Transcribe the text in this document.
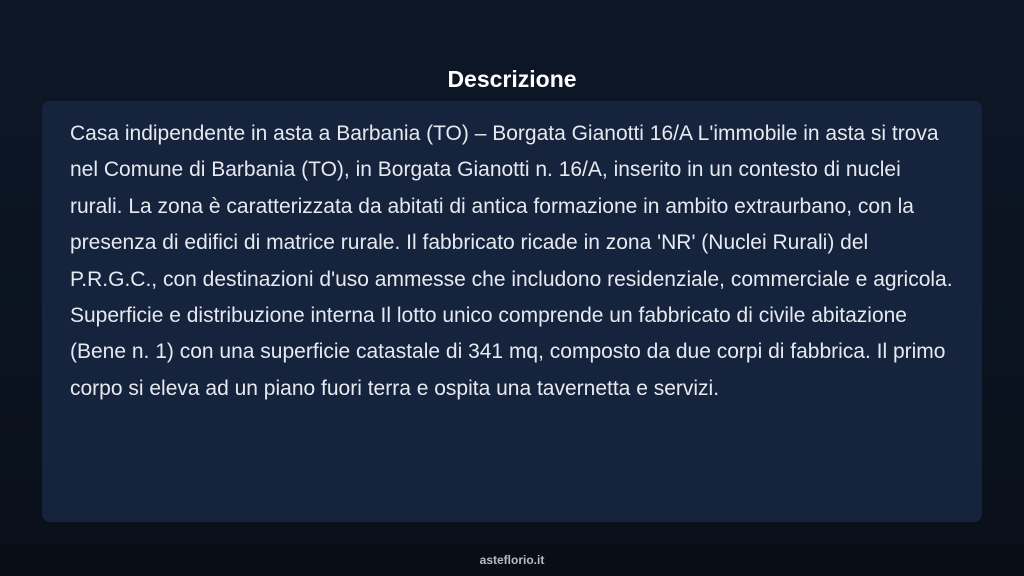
Descrizione

Casa indipendente in asta a Barbania (TO) – Borgata Gianotti 16/A L'immobile in asta si trova nel Comune di Barbania (TO), in Borgata Gianotti n. 16/A, inserito in un contesto di nuclei rurali. La zona è caratterizzata da abitati di antica formazione in ambito extraurbano, con la presenza di edifici di matrice rurale. Il fabbricato ricade in zona 'NR' (Nuclei Rurali) del P.R.G.C., con destinazioni d'uso ammesse che includono residenziale, commerciale e agricola. Superficie e distribuzione interna Il lotto unico comprende un fabbricato di civile abitazione (Bene n. 1) con una superficie catastale di 341 mq, composto da due corpi di fabbrica. Il primo corpo si eleva ad un piano fuori terra e ospita una tavernetta e servizi.

asteflorio.it
